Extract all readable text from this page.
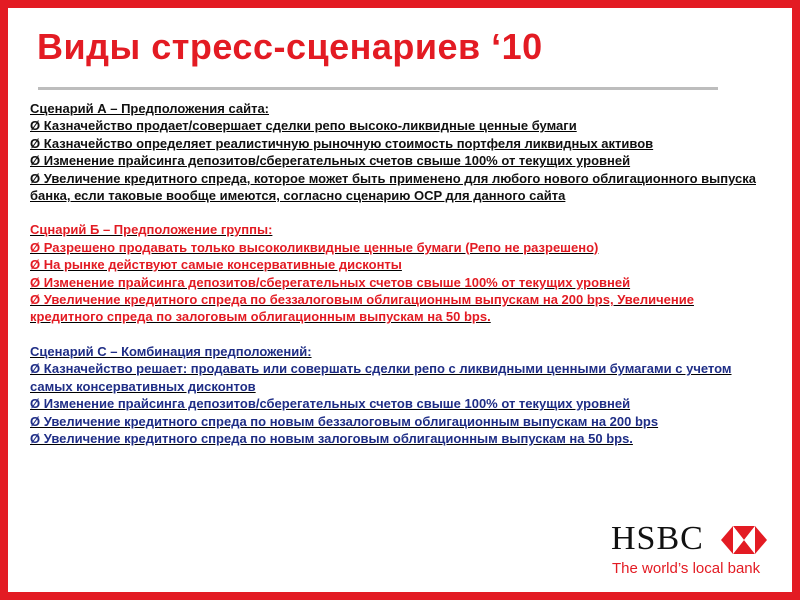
Виды стресс-сценариев ‘10

Сценарий А – Предположения сайта:

Ø Казначейство продает/совершает сделки репо высоко-ликвидные ценные бумаги

Ø Казначейство определяет реалистичную рыночную стоимость портфеля ликвидных активов

Ø Изменение прайсинга депозитов/сберегательных счетов свыше 100% от текущих уровней

Ø Увеличение кредитного спреда, которое может быть применено для любого нового облигационного выпуска банка, если таковые вообще имеются, согласно сценарию OCP для данного сайта

Сцнарий Б – Предположение группы:

Ø Разрешено продавать только высоколиквидные ценные бумаги (Репо не разрешено)

Ø На рынке действуют самые консервативные дисконты

Ø Изменение прайсинга депозитов/сберегательных счетов свыше 100% от текущих уровней

Ø Увеличение кредитного спреда по беззалоговым облигационным выпускам на 200 bps, Увеличение кредитного спреда по залоговым облигационным выпускам на 50 bps.

Сценарий С – Комбинация предположений:

Ø Казначейство решает: продавать или совершать сделки репо с ликвидными ценными бумагами с учетом самых консервативных дисконтов

Ø Изменение прайсинга депозитов/сберегательных счетов свыше 100% от текущих уровней

Ø Увеличение кредитного спреда по новым беззалоговым облигационным выпускам на 200 bps

Ø Увеличение кредитного спреда по новым залоговым облигационным выпускам на 50 bps.

HSBC
The world’s local bank
